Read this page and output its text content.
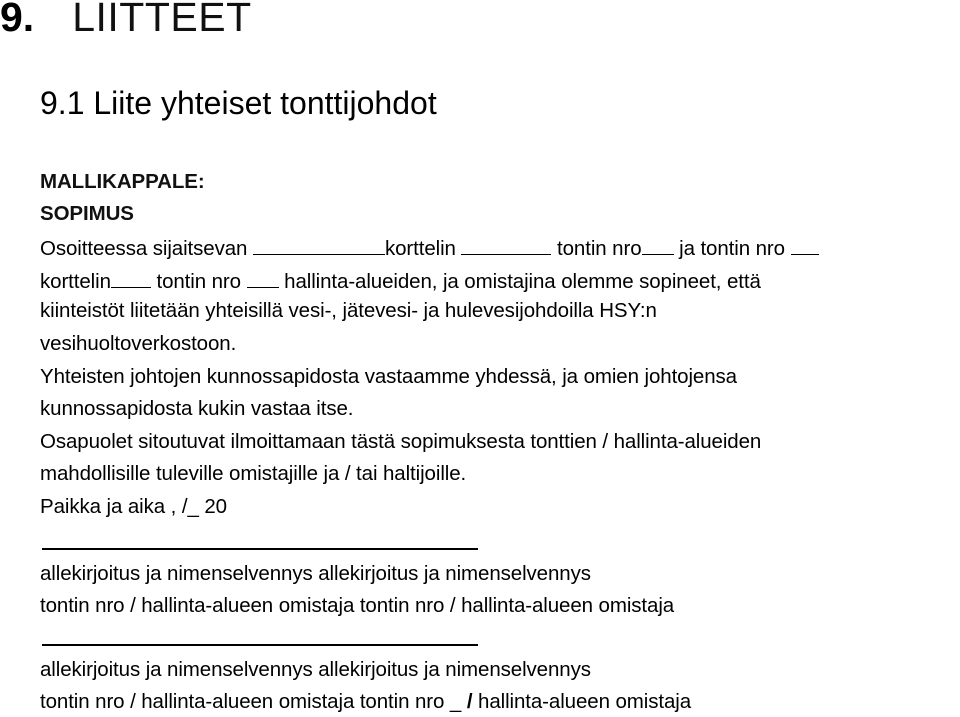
9. LIITTEET
9.1 Liite yhteiset tonttijohdot
MALLIKAPPALE:
SOPIMUS
Osoitteessa sijaitsevan	korttelin	tontin nro ja tontin nro
korttelin tontin nro  hallinta-alueiden, ja omistajina olemme sopineet, että
kiinteistöt liitetään yhteisillä vesi-, jätevesi- ja hulevesijohdoilla HSY:n
vesihuoltoverkostoon.
Yhteisten johtojen kunnossapidosta vastaamme yhdessä, ja omien johtojensa
kunnossapidosta kukin vastaa itse.
Osapuolet sitoutuvat ilmoittamaan tästä sopimuksesta tonttien / hallinta-alueiden
mahdollisille tuleville omistajille ja / tai haltijoille.
Paikka ja aika , /_ 20
allekirjoitus ja nimenselvennys allekirjoitus ja nimenselvennys
tontin nro / hallinta-alueen omistaja tontin nro / hallinta-alueen omistaja
allekirjoitus ja nimenselvennys allekirjoitus ja nimenselvennys
tontin nro / hallinta-alueen omistaja tontin nro _ / hallinta-alueen omistaja
